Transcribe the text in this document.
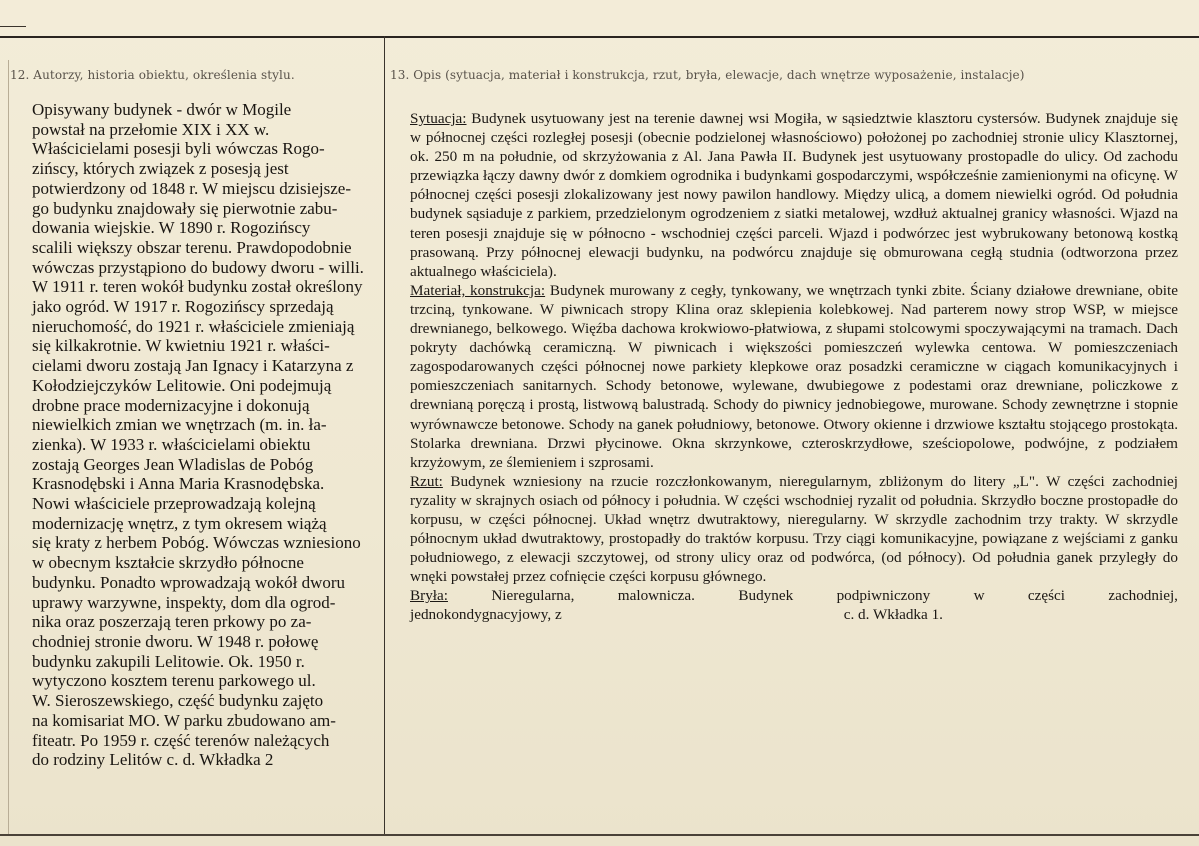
12. Autorzy, historia obiektu, określenia stylu.	13. Opis (sytuacja, materiał i konstrukcja, rzut, bryła, elewacje, dach wnętrze wyposażenie, instalacje)
Opisywany budynek - dwór w Mogile
powstał na przełomie XIX i XX w.
Właścicielami posesji byli wówczas Rogo-
zińscy, których związek z posesją jest
potwierdzony od 1848 r. W miejscu dzisiejsze-
go budynku znajdowały się pierwotnie zabu-
dowania wiejskie. W 1890 r. Rogozińscy
scalili większy obszar terenu. Prawdopodobnie
wówczas przystąpiono do budowy dworu - willi.
W 1911 r. teren wokół budynku został określony
jako ogród. W 1917 r. Rogozińscy sprzedają
nieruchomość, do 1921 r. właściciele zmieniają
się kilkakrotnie. W kwietniu 1921 r. właści-
cielami dworu zostają Jan Ignacy i Katarzyna z
Kołodziejczyków Lelitowie. Oni podejmują
drobne prace modernizacyjne i dokonują
niewielkich zmian we wnętrzach (m. in. ła-
zienka). W 1933 r. właścicielami obiektu
zostają Georges Jean Wladislas de Pobóg
Krasnodębski i Anna Maria Krasnodębska.
Nowi właściciele przeprowadzają kolejną
modernizację wnętrz, z tym okresem wiążą
się kraty z herbem Pobóg. Wówczas wzniesiono
w obecnym kształcie skrzydło północne
budynku. Ponadto wprowadzają wokół dworu
uprawy warzywne, inspekty, dom dla ogrod-
nika oraz poszerzają teren prkowy po za-
chodniej stronie dworu. W 1948 r. połowę
budynku zakupili Lelitowie. Ok. 1950 r.
wytyczono kosztem terenu parkowego ul.
W. Sieroszewskiego, część budynku zajęto
na komisariat MO. W parku zbudowano am-
fiteatr. Po 1959 r. część terenów należących
do rodziny Lelitów c. d. Wkładka 2

Sytuacja: Budynek usytuowany jest na terenie dawnej wsi Mogiła, w sąsiedztwie klasztoru cystersów. Budynek znajduje się w północnej części rozległej posesji (obecnie podzielonej własnościowo) położonej po zachodniej stronie ulicy Klasztornej, ok. 250 m na południe, od skrzyżowania z Al. Jana Pawła II. Budynek jest usytuowany prostopadle do ulicy. Od zachodu przewiązka łączy dawny dwór z domkiem ogrodnika i budynkami gospodarczymi, współcześnie zamienionymi na oficynę. W północnej części posesji zlokalizowany jest nowy pawilon handlowy. Między ulicą, a domem niewielki ogród. Od południa budynek sąsiaduje z parkiem, przedzielonym ogrodzeniem z siatki metalowej, wzdłuż aktualnej granicy własności. Wjazd na teren posesji znajduje się w północno - wschodniej części parceli. Wjazd i podwórzec jest wybrukowany betonową kostką prasowaną. Przy północnej elewacji budynku, na podwórcu znajduje się obmurowana cegłą studnia (odtworzona przez aktualnego właściciela).

Materiał, konstrukcja: Budynek murowany z cegły, tynkowany, we wnętrzach tynki zbite. Ściany działowe drewniane, obite trzciną, tynkowane. W piwnicach stropy Klina oraz sklepienia kolebkowej. Nad parterem nowy strop WSP, w miejsce drewnianego, belkowego. Więźba dachowa krokwiowo-płatwiowa, z słupami stolcowymi spoczywającymi na tramach. Dach pokryty dachówką ceramiczną. W piwnicach i większości pomieszczeń wylewka centowa. W pomieszczeniach zagospodarowanych części północnej nowe parkiety klepkowe oraz posadzki ceramiczne w ciągach komunikacyjnych i pomieszczeniach sanitarnych. Schody betonowe, wylewane, dwubiegowe z podestami oraz drewniane, policzkowe z drewnianą poręczą i prostą, listwową balustradą. Schody do piwnicy jednobiegowe, murowane. Schody zewnętrzne i stopnie wyrównawcze betonowe. Schody na ganek południowy, betonowe. Otwory okienne i drzwiowe kształtu stojącego prostokąta. Stolarka drewniana. Drzwi płycinowe. Okna skrzynkowe, czteroskrzydłowe, sześciopolowe, podwójne, z podziałem krzyżowym, ze ślemieniem i szprosami.

Rzut: Budynek wzniesiony na rzucie rozczłonkowanym, nieregularnym, zbliżonym do litery „L". W części zachodniej ryzality w skrajnych osiach od północy i południa. W części wschodniej ryzalit od południa. Skrzydło boczne prostopadłe do korpusu, w części północnej. Układ wnętrz dwutraktowy, nieregularny. W skrzydle zachodnim trzy trakty. W skrzydle północnym układ dwutraktowy, prostopadły do traktów korpusu. Trzy ciągi komunikacyjne, powiązane z wejściami z ganku południowego, z elewacji szczytowej, od strony ulicy oraz od podwórca, (od północy). Od południa ganek przyległy do wnęki powstałej przez cofnięcie części korpusu głównego.

Bryła:	Nieregularna,	malownicza.	Budynek	podpiwniczony	w	części	zachodniej,
jednokondygnacyjowy, z	c. d. Wkładka 1.
